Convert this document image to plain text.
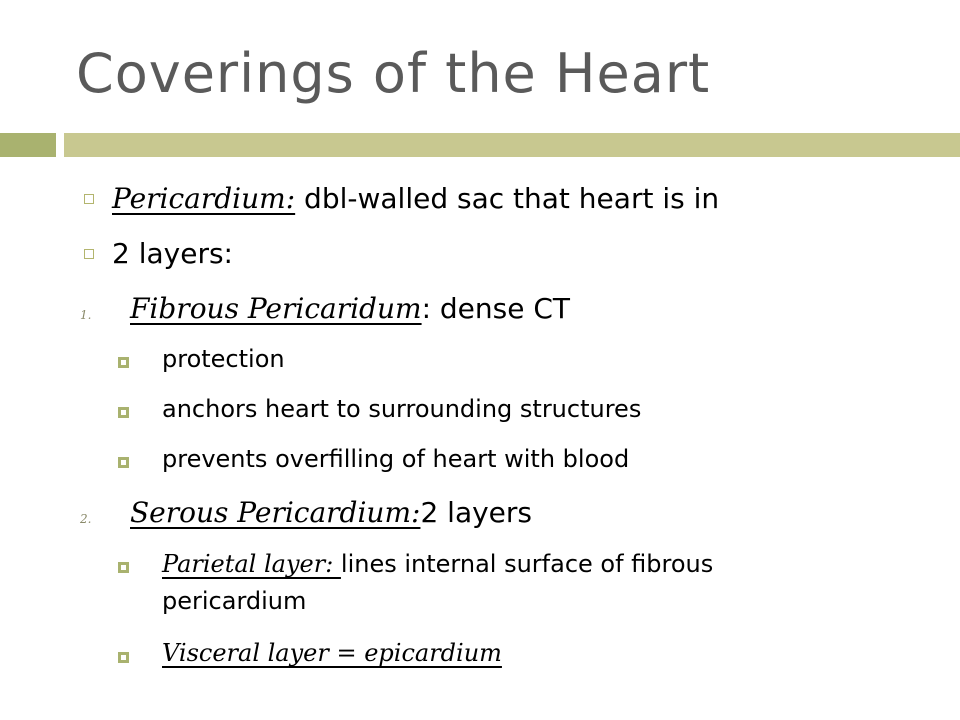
Coverings of the Heart
Pericardium: dbl-walled sac that heart is in
2 layers:
1. Fibrous Pericaridum: dense CT
protection
anchors heart to surrounding structures
prevents overfilling of heart with blood
2. Serous Pericardium:2 layers
Parietal layer: lines internal surface of fibrous
pericardium
Visceral layer = epicardium
